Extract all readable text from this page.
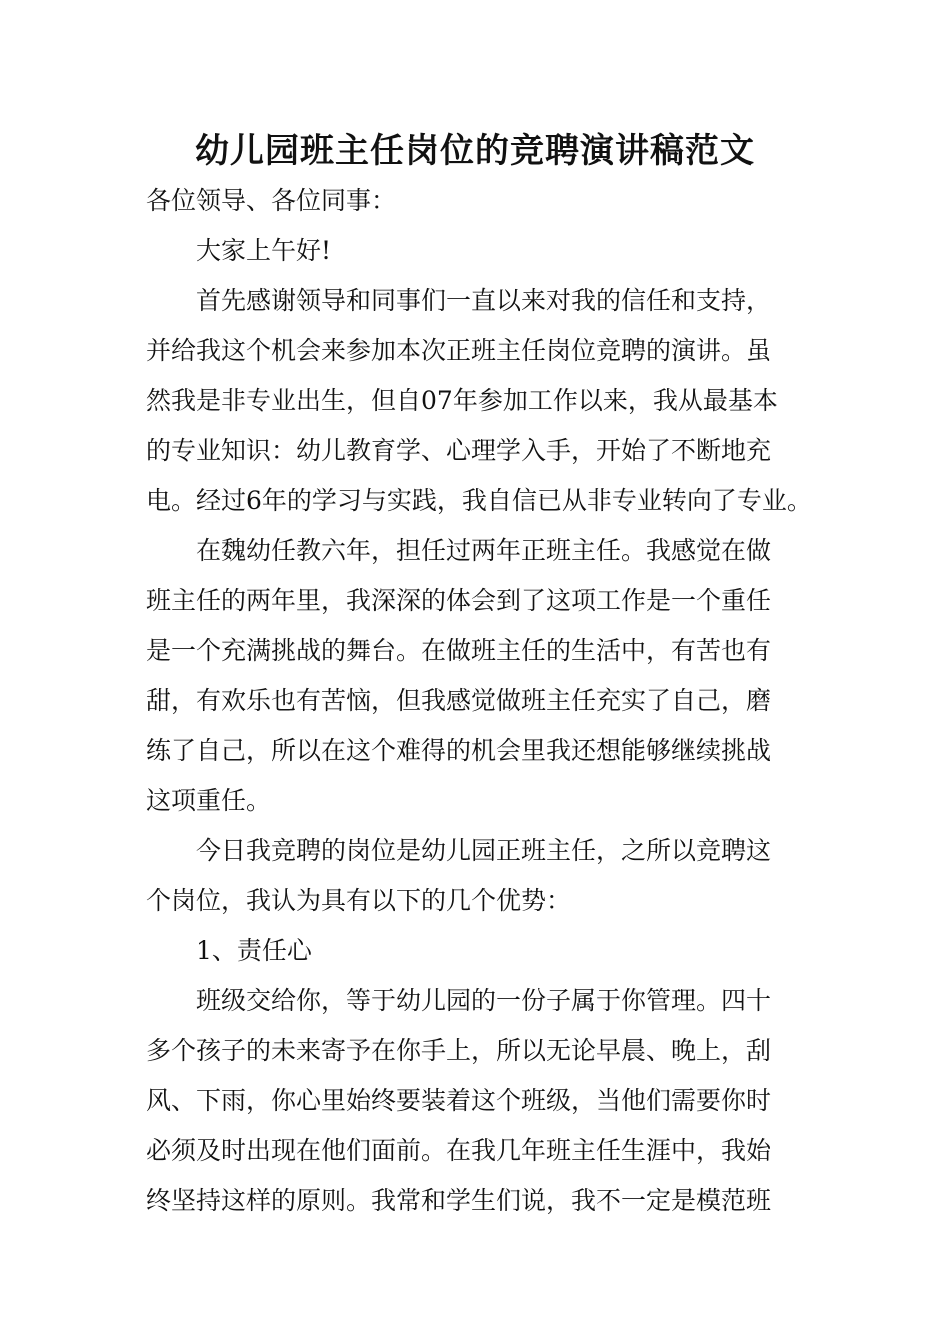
幼儿园班主任岗位的竞聘演讲稿范文
各位领导、各位同事：
大家上午好!
首先感谢领导和同事们一直以来对我的信任和支持，
并给我这个机会来参加本次正班主任岗位竞聘的演讲。虽
然我是非专业出生，但自07年参加工作以来，我从最基本
的专业知识：幼儿教育学、心理学入手，开始了不断地充
电。经过6年的学习与实践，我自信已从非专业转向了专业。
在魏幼任教六年，担任过两年正班主任。我感觉在做
班主任的两年里，我深深的体会到了这项工作是一个重任
是一个充满挑战的舞台。在做班主任的生活中，有苦也有
甜，有欢乐也有苦恼，但我感觉做班主任充实了自己，磨
练了自己，所以在这个难得的机会里我还想能够继续挑战
这项重任。
今日我竞聘的岗位是幼儿园正班主任，之所以竞聘这
个岗位，我认为具有以下的几个优势：
1、责任心
班级交给你，等于幼儿园的一份子属于你管理。四十
多个孩子的未来寄予在你手上，所以无论早晨、晚上，刮
风、下雨，你心里始终要装着这个班级，当他们需要你时
必须及时出现在他们面前。在我几年班主任生涯中，我始
终坚持这样的原则。我常和学生们说，我不一定是模范班
